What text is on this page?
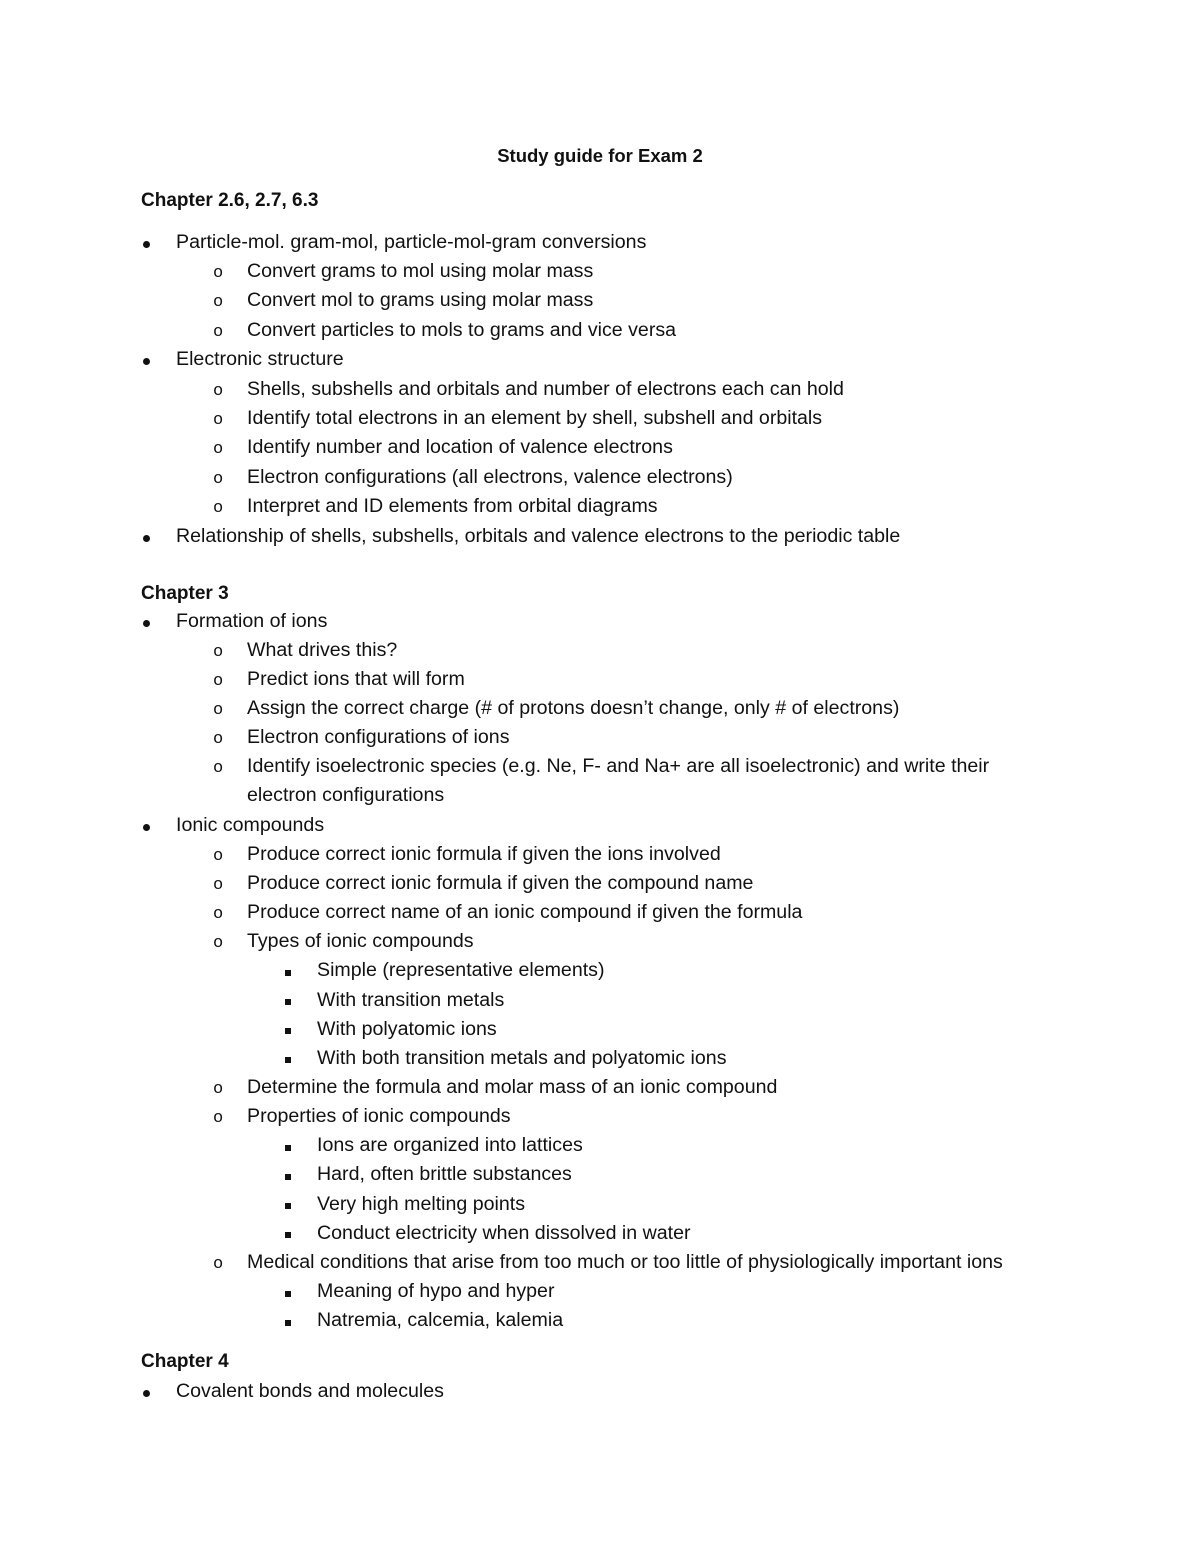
Study guide for Exam 2
Chapter 2.6, 2.7, 6.3
Particle-mol. gram-mol, particle-mol-gram conversions
o Convert grams to mol using molar mass
o Convert mol to grams using molar mass
o Convert particles to mols to grams and vice versa
Electronic structure
o Shells, subshells and orbitals and number of electrons each can hold
o Identify total electrons in an element by shell, subshell and orbitals
o Identify number and location of valence electrons
o Electron configurations (all electrons, valence electrons)
o Interpret and ID elements from orbital diagrams
Relationship of shells, subshells, orbitals and valence electrons to the periodic table
Chapter 3
Formation of ions
o What drives this?
o Predict ions that will form
o Assign the correct charge (# of protons doesn’t change, only # of electrons)
o Electron configurations of ions
o Identify isoelectronic species (e.g. Ne, F- and Na+ are all isoelectronic) and write their electron configurations
Ionic compounds
o Produce correct ionic formula if given the ions involved
o Produce correct ionic formula if given the compound name
o Produce correct name of an ionic compound if given the formula
o Types of ionic compounds
Simple (representative elements)
With transition metals
With polyatomic ions
With both transition metals and polyatomic ions
o Determine the formula and molar mass of an ionic compound
o Properties of ionic compounds
Ions are organized into lattices
Hard, often brittle substances
Very high melting points
Conduct electricity when dissolved in water
o Medical conditions that arise from too much or too little of physiologically important ions
Meaning of hypo and hyper
Natremia, calcemia, kalemia
Chapter 4
Covalent bonds and molecules
